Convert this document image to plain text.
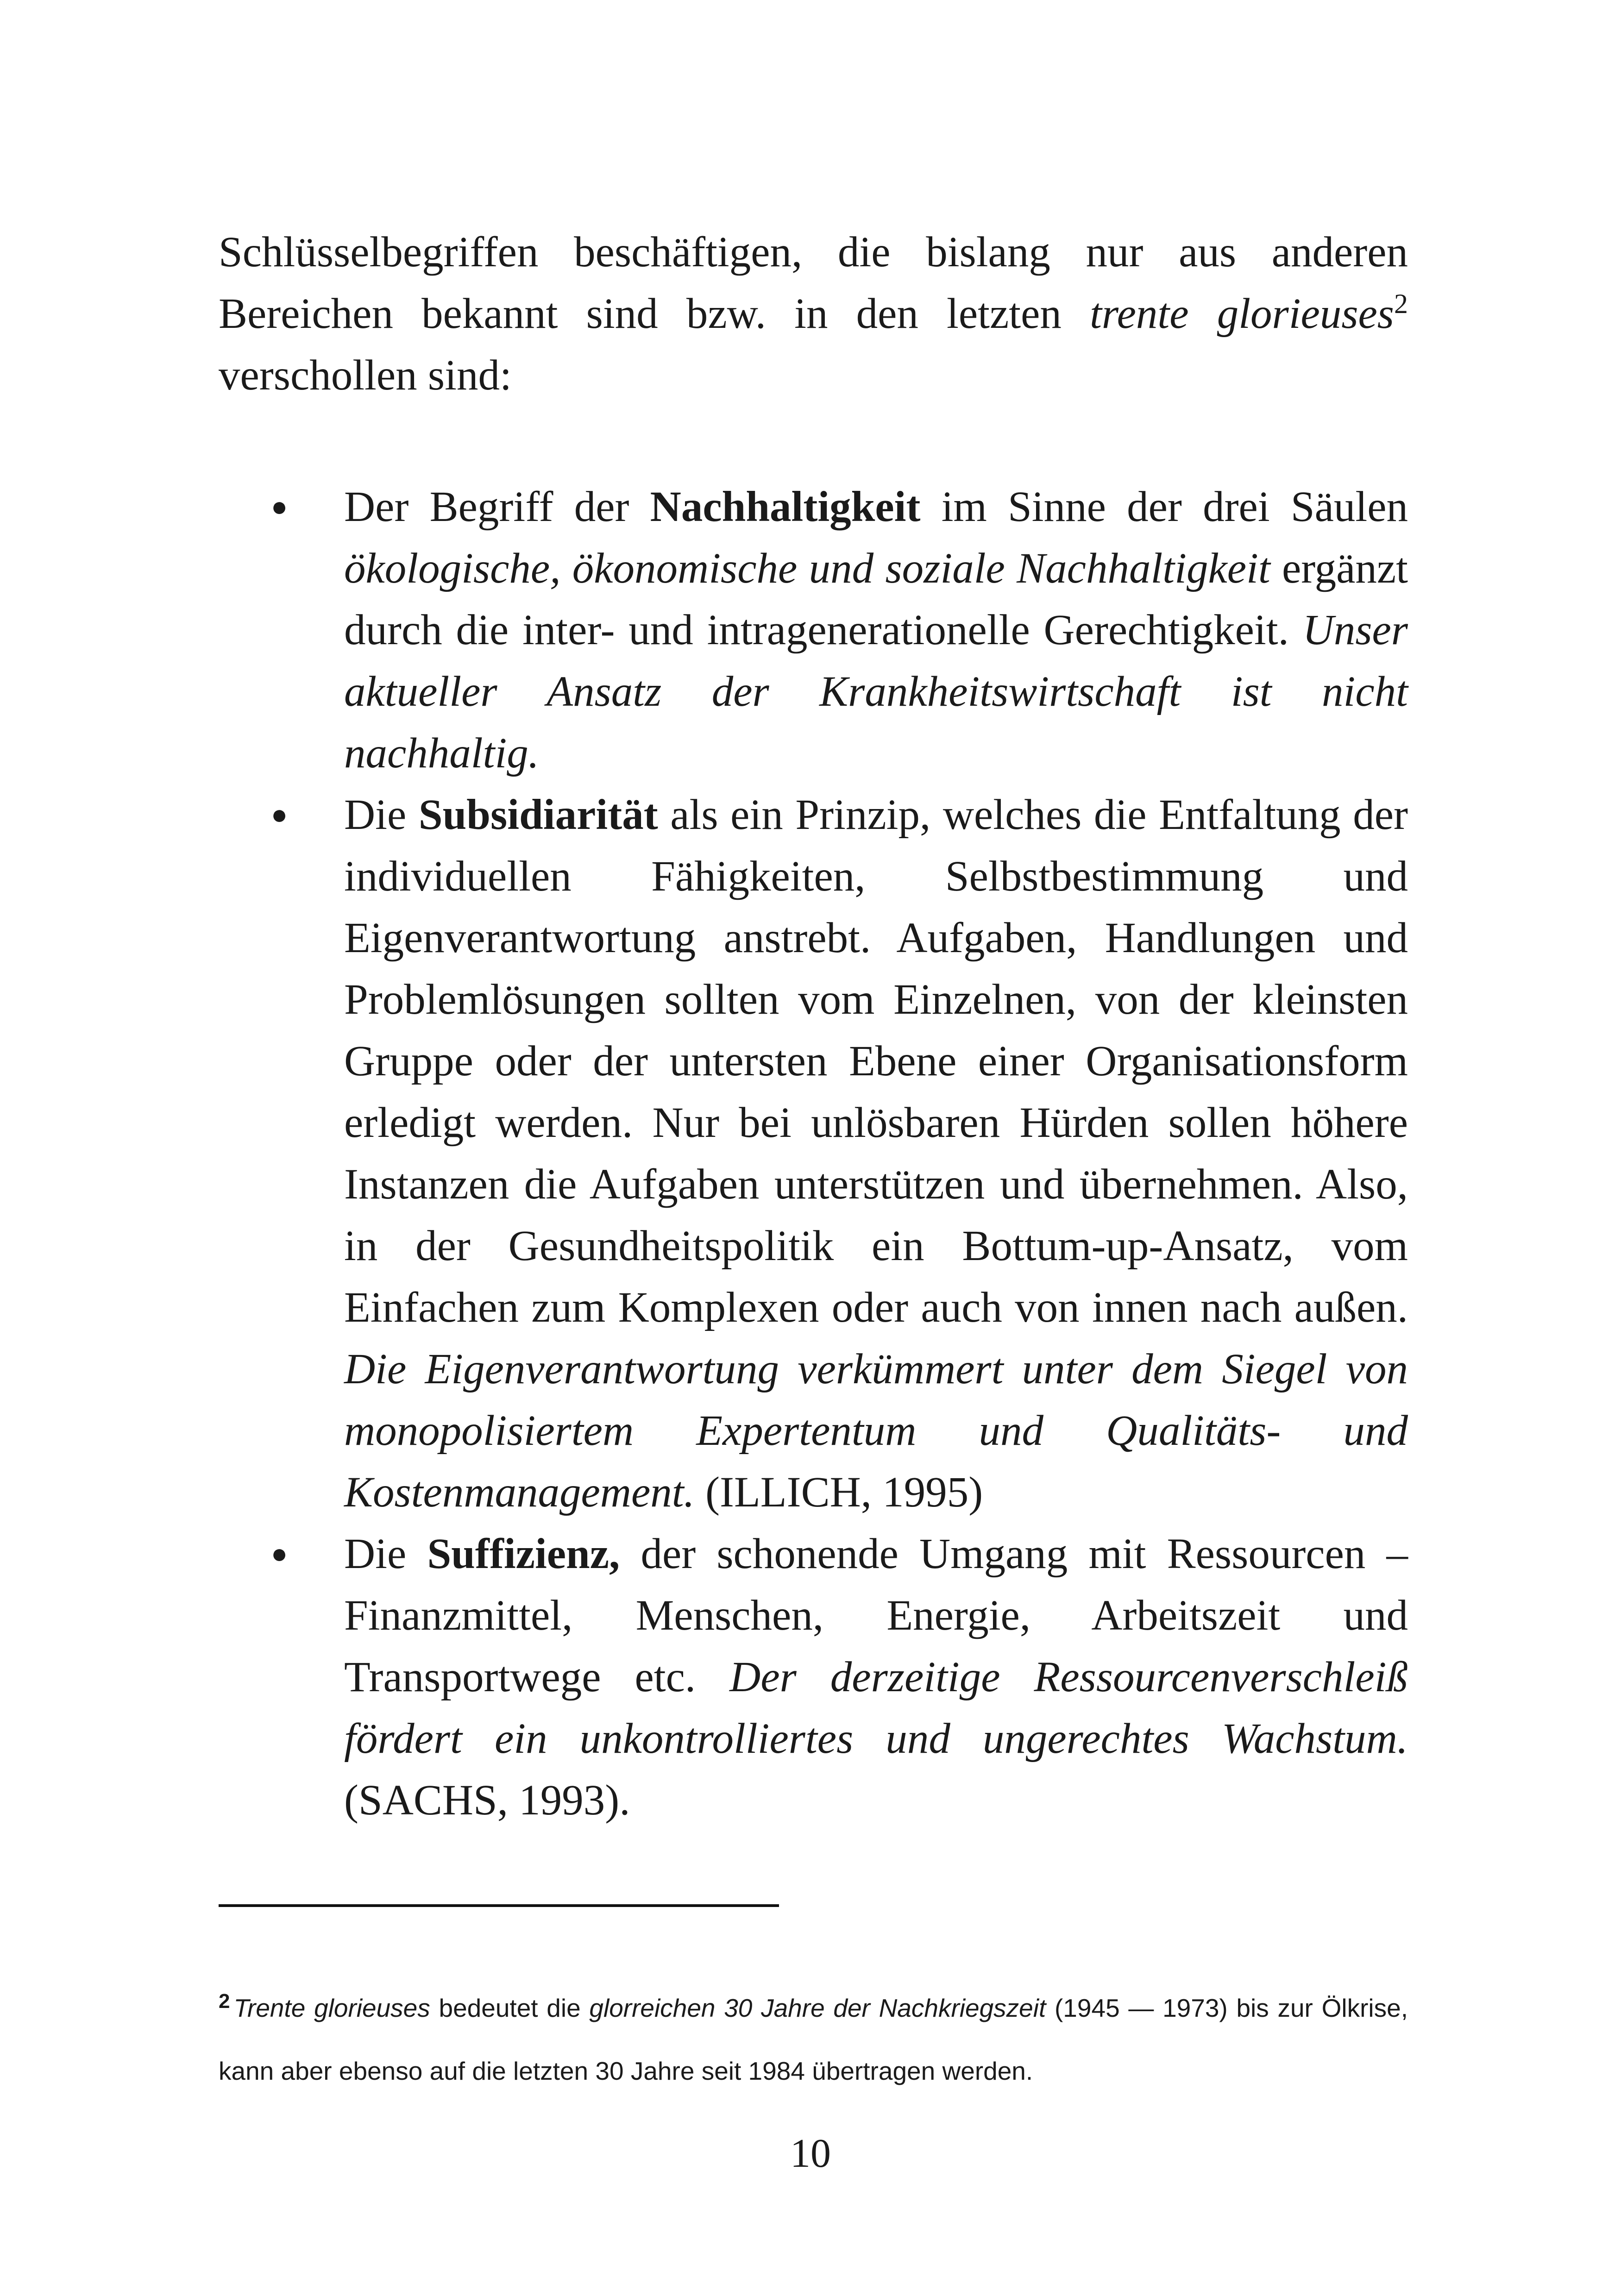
Schlüsselbegriffen beschäftigen, die bislang nur aus anderen Bereichen bekannt sind bzw. in den letzten trente glorieuses$^2$ verschollen sind:

● Der Begriff der Nachhaltigkeit im Sinne der drei Säulen ökologische, ökonomische und soziale Nachhaltigkeit ergänzt durch die inter- und intragenerationelle Gerechtigkeit. Unser aktueller Ansatz der Krankheitswirtschaft ist nicht nachhaltig.
● Die Subsidiarität als ein Prinzip, welches die Entfaltung der individuellen Fähigkeiten, Selbstbestimmung und Eigenverantwortung anstrebt. Aufgaben, Handlungen und Problemlösungen sollten vom Einzelnen, von der kleinsten Gruppe oder der untersten Ebene einer Organisationsform erledigt werden. Nur bei unlösbaren Hürden sollen höhere Instanzen die Aufgaben unterstützen und übernehmen. Also, in der Gesundheitspolitik ein Bottum-up-Ansatz, vom Einfachen zum Komplexen oder auch von innen nach außen. Die Eigenverantwortung verkümmert unter dem Siegel von monopolisiertem Expertentum und Qualitäts- und Kostenmanagement. (ILLICH, 1995)
● Die Suffizienz, der schonende Umgang mit Ressourcen – Finanzmittel, Menschen, Energie, Arbeitszeit und Transportwege etc. Der derzeitige Ressourcenverschleiß fördert ein unkontrolliertes und ungerechtes Wachstum. (SACHS, 1993).

$^2$ Trente glorieuses bedeutet die glorreichen 30 Jahre der Nachkriegszeit (1945 — 1973) bis zur Ölkrise, kann aber ebenso auf die letzten 30 Jahre seit 1984 übertragen werden.

10
